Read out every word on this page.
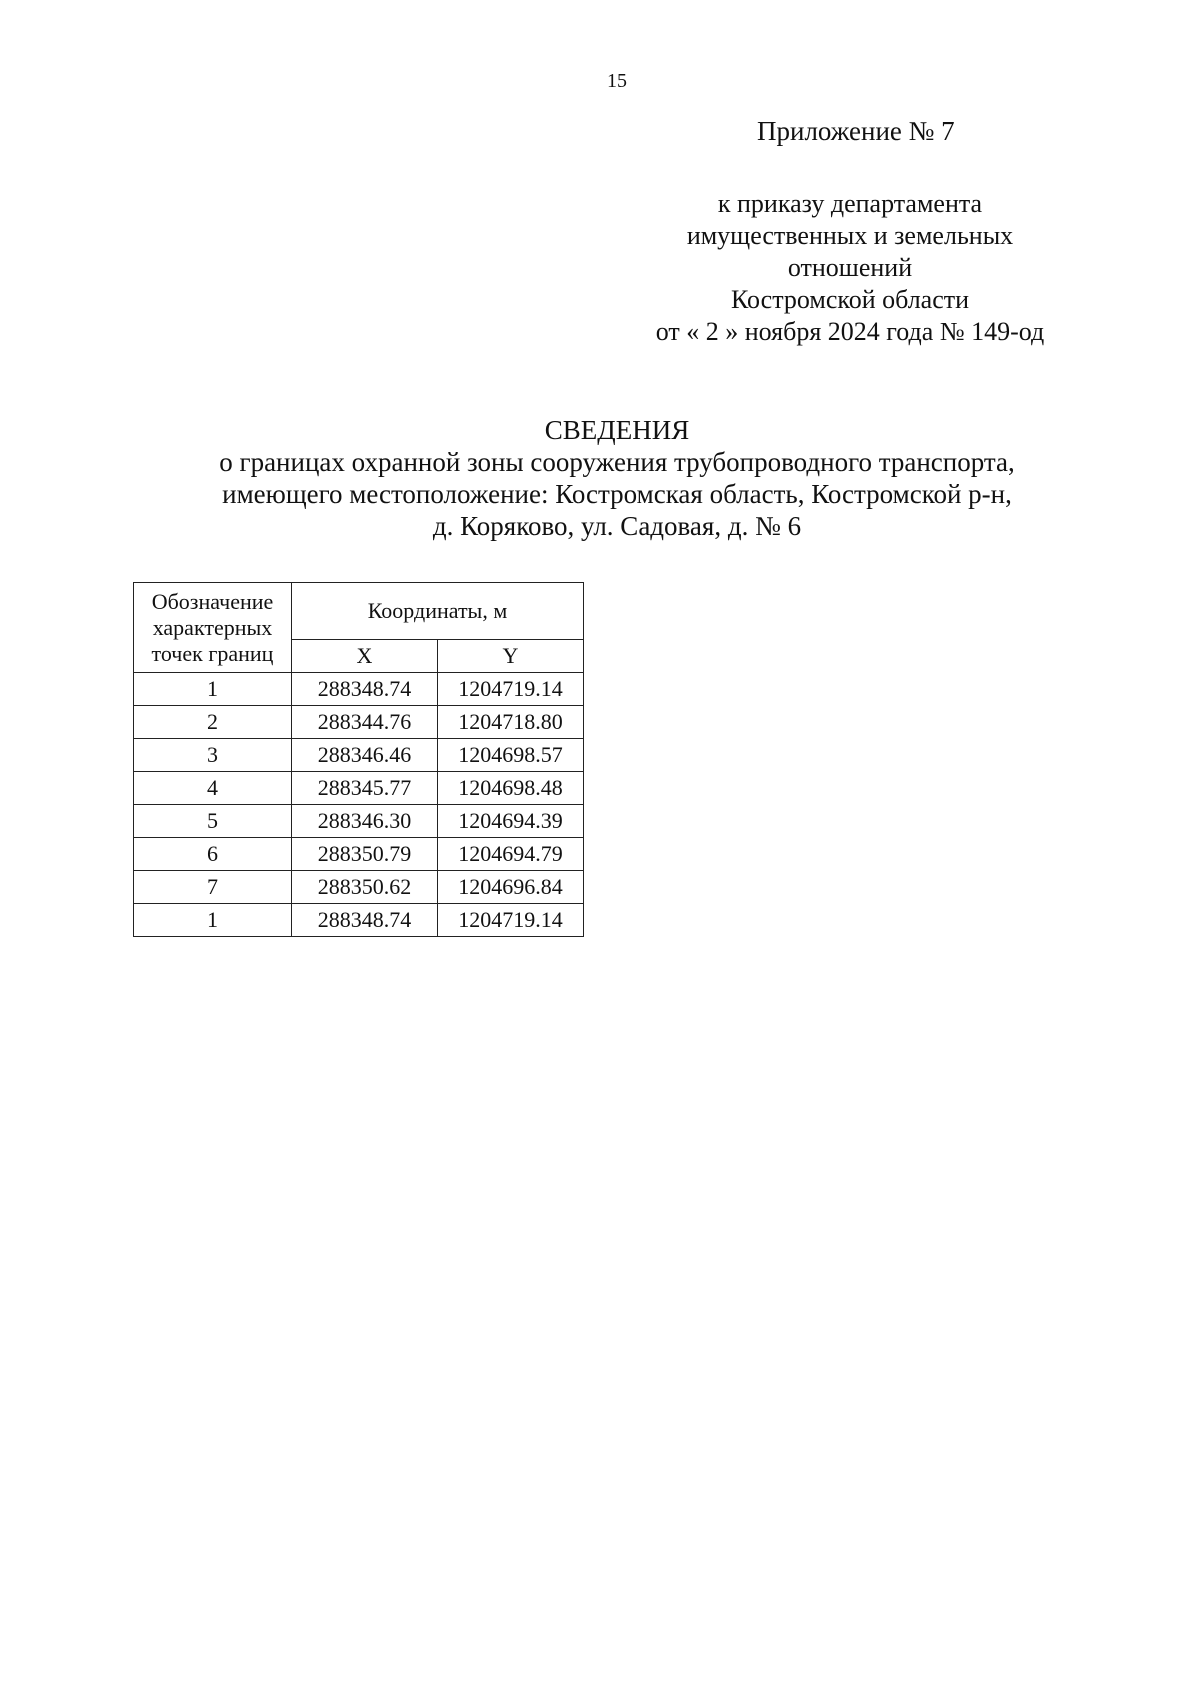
15
Приложение № 7
к приказу департамента
имущественных и земельных
отношений
Костромской области
от « 2 » ноября 2024 года № 149-од
СВЕДЕНИЯ
о границах охранной зоны сооружения трубопроводного транспорта,
имеющего местоположение: Костромская область, Костромской р-н,
д. Коряково, ул. Садовая, д. № 6
Обозначение характерных точек границ	Координаты, м	
	X	Y
1	288348.74	1204719.14
2	288344.76	1204718.80
3	288346.46	1204698.57
4	288345.77	1204698.48
5	288346.30	1204694.39
6	288350.79	1204694.79
7	288350.62	1204696.84
1	288348.74	1204719.14
